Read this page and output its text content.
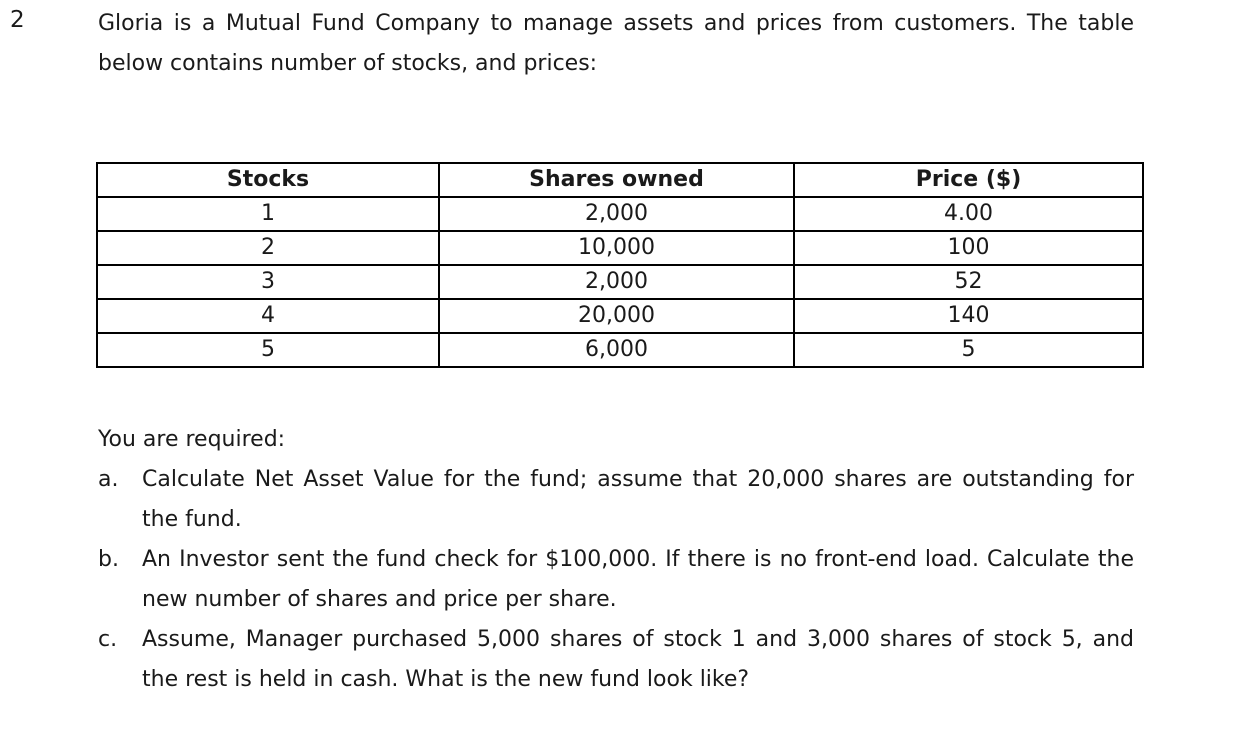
2	Gloria is a Mutual Fund Company to manage assets and prices from customers. The table below contains number of stocks, and prices:
Stocks	Shares owned	Price ($)
1	2,000	4.00
2	10,000	100
3	2,000	52
4	20,000	140
5	6,000	5
You are required:
a.	Calculate Net Asset Value for the fund; assume that 20,000 shares are outstanding for the fund.
b.	An Investor sent the fund check for $100,000. If there is no front-end load. Calculate the new number of shares and price per share.
c.	Assume, Manager purchased 5,000 shares of stock 1 and 3,000 shares of stock 5, and the rest is held in cash. What is the new fund look like?
